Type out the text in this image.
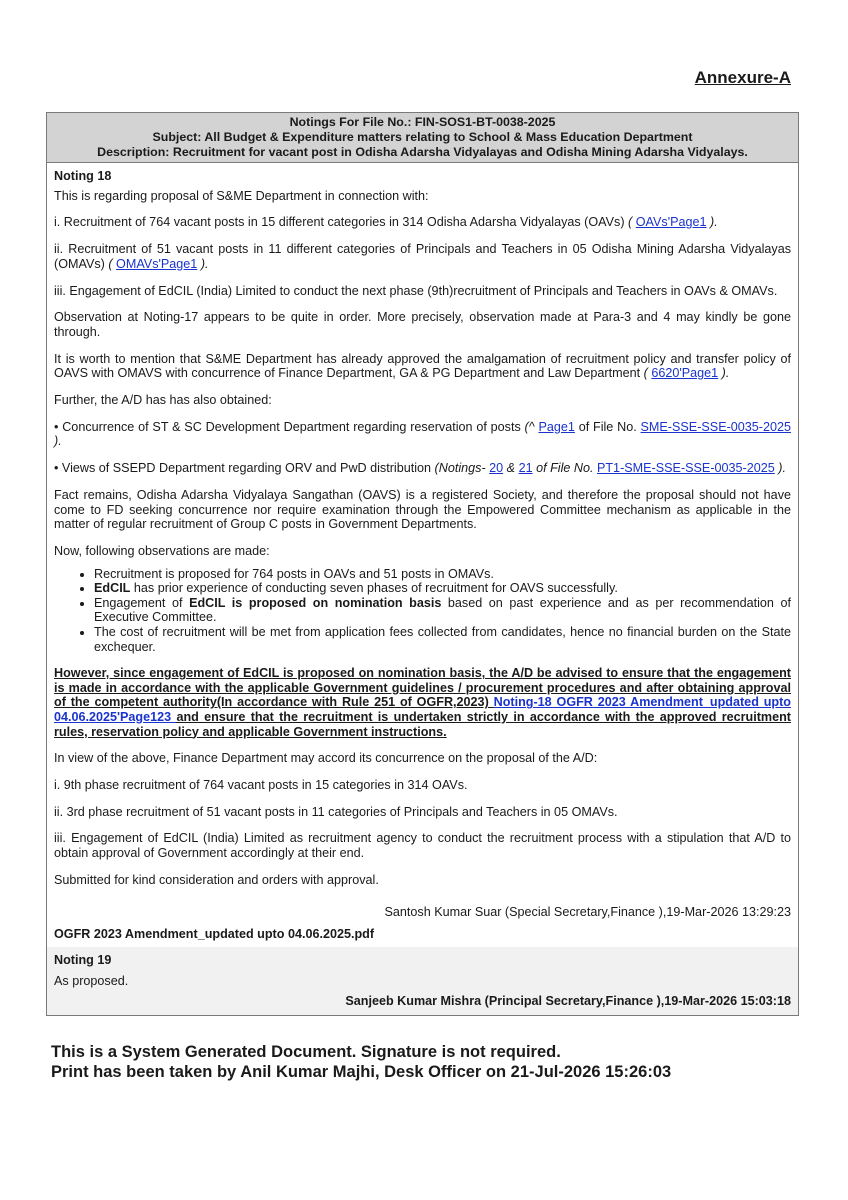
Annexure-A
Notings For File No.: FIN-SOS1-BT-0038-2025
Subject: All Budget & Expenditure matters relating to School & Mass Education Department
Description: Recruitment for vacant post in Odisha Adarsha Vidyalayas and Odisha Mining Adarsha Vidyalays.
Noting 18

This is regarding proposal of S&ME Department in connection with:

i. Recruitment of 764 vacant posts in 15 different categories in 314 Odisha Adarsha Vidyalayas (OAVs) ( OAVs'Page1 ).

ii. Recruitment of 51 vacant posts in 11 different categories of Principals and Teachers in 05 Odisha Mining Adarsha Vidyalayas (OMAVs) ( OMAVs'Page1 ).

iii. Engagement of EdCIL (India) Limited to conduct the next phase (9th)recruitment of Principals and Teachers in OAVs & OMAVs.

Observation at Noting-17 appears to be quite in order. More precisely, observation made at Para-3 and 4 may kindly be gone through.

It is worth to mention that S&ME Department has already approved the amalgamation of recruitment policy and transfer policy of OAVS with OMAVS with concurrence of Finance Department, GA & PG Department and Law Department ( 6620'Page1 ).

Further, the A/D has has also obtained:

• Concurrence of ST & SC Development Department regarding reservation of posts (^ Page1 of File No. SME-SSE-SSE-0035-2025 ).

• Views of SSEPD Department regarding ORV and PwD distribution (Notings- 20 & 21 of File No. PT1-SME-SSE-SSE-0035-2025 ).

Fact remains, Odisha Adarsha Vidyalaya Sangathan (OAVS) is a registered Society, and therefore the proposal should not have come to FD seeking concurrence nor require examination through the Empowered Committee mechanism as applicable in the matter of regular recruitment of Group C posts in Government Departments.

Now, following observations are made:

• Recruitment is proposed for 764 posts in OAVs and 51 posts in OMAVs.
• EdCIL has prior experience of conducting seven phases of recruitment for OAVS successfully.
• Engagement of EdCIL is proposed on nomination basis based on past experience and as per recommendation of Executive Committee.
• The cost of recruitment will be met from application fees collected from candidates, hence no financial burden on the State exchequer.
However, since engagement of EdCIL is proposed on nomination basis, the A/D be advised to ensure that the engagement is made in accordance with the applicable Government guidelines / procurement procedures and after obtaining approval of the competent authority(In accordance with Rule 251 of OGFR,2023) Noting-18 OGFR 2023 Amendment_updated upto 04.06.2025'Page123 and ensure that the recruitment is undertaken strictly in accordance with the approved recruitment rules, reservation policy and applicable Government instructions.

In view of the above, Finance Department may accord its concurrence on the proposal of the A/D:

i. 9th phase recruitment of 764 vacant posts in 15 categories in 314 OAVs.

ii. 3rd phase recruitment of 51 vacant posts in 11 categories of Principals and Teachers in 05 OMAVs.

iii. Engagement of EdCIL (India) Limited as recruitment agency to conduct the recruitment process with a stipulation that A/D to obtain approval of Government accordingly at their end.

Submitted for kind consideration and orders with approval.

Santosh Kumar Suar (Special Secretary,Finance ),19-Mar-2026 13:29:23
OGFR 2023 Amendment_updated upto 04.06.2025.pdf
Noting 19
As proposed.
Sanjeeb Kumar Mishra (Principal Secretary,Finance ),19-Mar-2026 15:03:18
This is a System Generated Document. Signature is not required.
Print has been taken by Anil Kumar Majhi, Desk Officer on 21-Jul-2026 15:26:03
